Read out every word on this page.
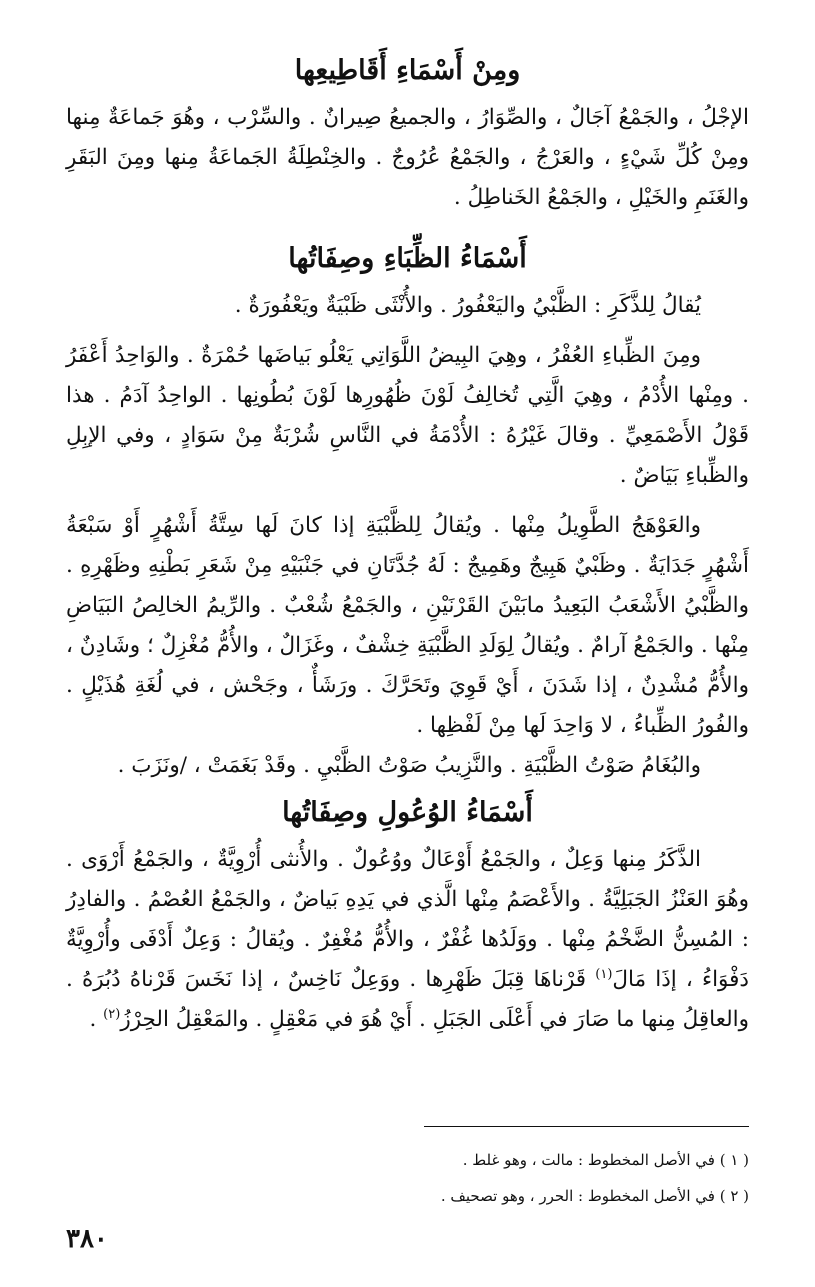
ومِنْ أَسْمَاءِ أَقَاطِيعِها

الإجْلُ ، والجَمْعُ آجَالٌ ، والصِّوَارُ ، والجميعُ صِيرانٌ . والسِّرْب ، وهُوَ جَماعَةٌ مِنها ومِنْ كُلِّ شَيْءٍ ، والعَرْجُ ، والجَمْعُ عُرُوجٌ . والخِنْطِلَةُ الجَماعَةُ مِنها ومِنَ البَقَرِ والغَنَمِ والخَيْلِ ، والجَمْعُ الخَناطِلُ .

أَسْمَاءُ الظِّبَاءِ وصِفَاتُها

يُقالُ لِلذَّكَرِ : الظَّبْيُ واليَعْفُورُ . والأُنْثَى ظَبْيَةٌ ويَعْفُورَةٌ .

ومِنَ الظِّباءِ العُفْرُ ، وهِيَ البِيضُ اللَّوَاتِي يَعْلُو بَياضَها حُمْرَةٌ . والوَاحِدُ أَعْفَرُ . ومِنْها الأُدْمُ ، وهِيَ الَّتِي تُخالِفُ لَوْنَ ظُهُورِها لَوْنَ بُطُونِها . الواحِدُ آدَمُ . هذا قَوْلُ الأَصْمَعِيِّ . وقالَ غَيْرُهُ : الأُدْمَةُ في النَّاسِ شُرْبَةٌ مِنْ سَوَادٍ ، وفي الإبِلِ والظِّباءِ بَيَاضٌ .

والعَوْهَجُ الطَّوِيلُ مِنْها . ويُقالُ لِلظَّبْيَةِ إذا كانَ لَها سِتَّةُ أَشْهُرٍ أَوْ سَبْعَةُ أَشْهُرٍ جَدَايَةٌ . وظَبْيٌ هَبِيجٌ وهَمِيجٌ : لَهُ جُدَّتَانِ في جَنْبَيْهِ مِنْ شَعَرِ بَطْنِهِ وظَهْرِهِ . والظَّبْيُ الأَشْعَبُ البَعِيدُ مابَيْنَ القَرْنَيْنِ ، والجَمْعُ شُعْبٌ . والرِّيمُ الخالِصُ البَيَاضِ مِنْها . والجَمْعُ آرامٌ . ويُقالُ لِوَلَدِ الظَّبْيَةِ خِشْفٌ ، وغَزَالٌ ، والأُمُّ مُغْزِلٌ ؛ وشَادِنٌ ، والأُمُّ مُشْدِنٌ ، إذا شَدَنَ ، أَيْ قَوِيَ وتَحَرَّكَ . ورَشَأٌ ، وجَحْش ، في لُغَةِ هُذَيْلٍ . والفُورُ الظِّباءُ ، لا وَاحِدَ لَها مِنْ لَفْظِها .

والبُغَامُ صَوْتُ الظَّبْيَةِ . والنَّزِيبُ صَوْتُ الظَّبْيِ . وقَدْ بَغَمَتْ ، /ونَزَبَ .

أَسْمَاءُ الوُعُولِ وصِفَاتُها

الذَّكَرُ مِنها وَعِلٌ ، والجَمْعُ أَوْعَالٌ ووُعُولٌ . والأُنثى أُرْوِيَّةٌ ، والجَمْعُ أَرْوَى . وهُوَ العَنْزُ الجَبَلِيَّةُ . والأَعْصَمُ مِنْها الَّذي في يَدِهِ بَياضٌ ، والجَمْعُ العُصْمُ . والفادِرُ : المُسِنُّ الضَّخْمُ مِنْها . ووَلَدُها غُفْرٌ ، والأُمُّ مُغْفِرٌ . ويُقالُ : وَعِلٌ أَدْفَى وأُرْوِيَّةٌ دَفْوَاءُ ، إذَا مَالَ$^{(١)}$ قَرْناهَا قِبَلَ ظَهْرِها . ووَعِلٌ نَاخِسٌ ، إذا نَخَسَ قَرْناهُ دُبُرَهُ . والعاقِلُ مِنها ما صَارَ في أَعْلَى الجَبَلِ . أَيْ هُوَ في مَعْقِلٍ . والمَعْقِلُ الحِرْزُ$^{(٢)}$ .

( ١ ) في الأصل المخطوط : مالت ، وهو غلط .

( ٢ ) في الأصل المخطوط : الحرر ، وهو تصحيف .

٣٨٠
